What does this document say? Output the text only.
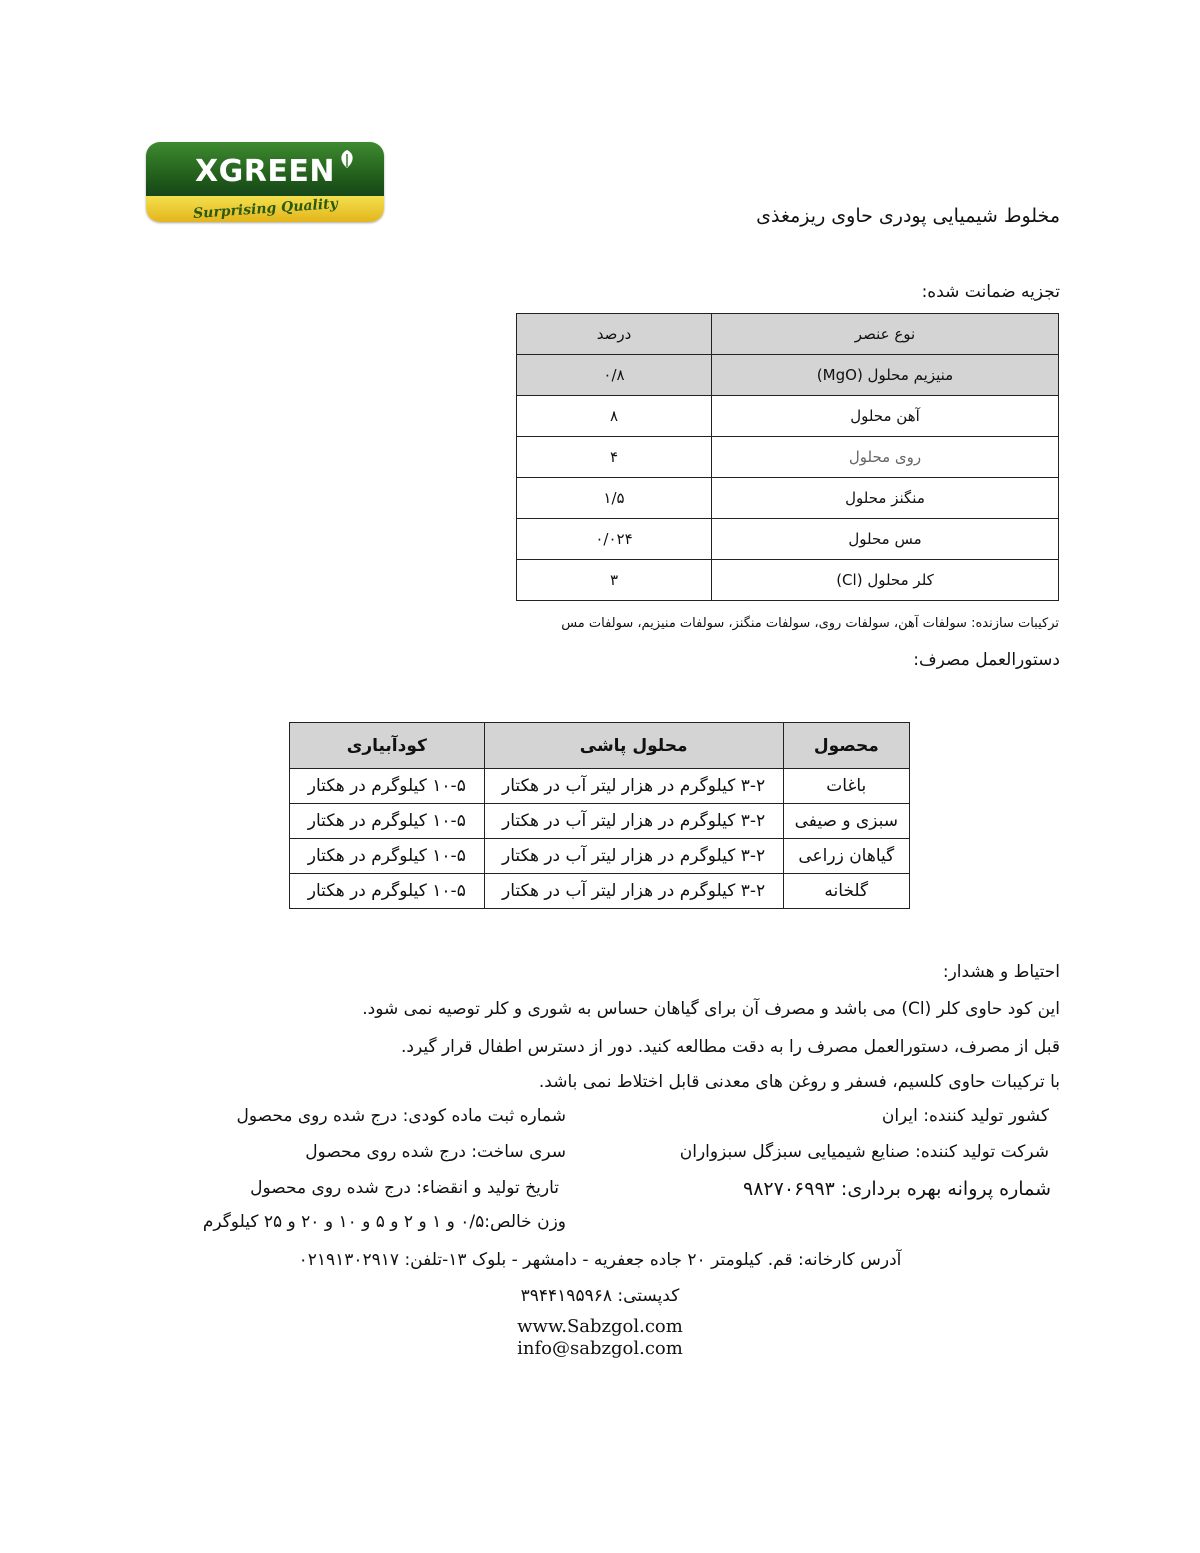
XGREEN
Surprising Quality	مخلوط شیمیایی پودری حاوی ریزمغذی
تجزیه ضمانت شده:
نوع عنصر	درصد
منیزیم محلول (MgO)	۰/۸
آهن محلول	۸
روی محلول	۴
منگنز محلول	۱/۵
مس محلول	۰/۰۲۴
کلر محلول (Cl)	۳
ترکیبات سازنده: سولفات آهن، سولفات روی، سولفات منگنز، سولفات منیزیم، سولفات مس
دستورالعمل مصرف:
محصول	محلول پاشی	کودآبیاری
باغات	۳-۲ کیلوگرم در هزار لیتر آب در هکتار	۱۰-۵ کیلوگرم در هکتار
سبزی و صیفی	۳-۲ کیلوگرم در هزار لیتر آب در هکتار	۱۰-۵ کیلوگرم در هکتار
گیاهان زراعی	۳-۲ کیلوگرم در هزار لیتر آب در هکتار	۱۰-۵ کیلوگرم در هکتار
گلخانه	۳-۲ کیلوگرم در هزار لیتر آب در هکتار	۱۰-۵ کیلوگرم در هکتار
احتیاط و هشدار:
این کود حاوی کلر (Cl) می باشد و مصرف آن برای گیاهان حساس به شوری و کلر توصیه نمی شود.
قبل از مصرف، دستورالعمل مصرف را به دقت مطالعه کنید. دور از دسترس اطفال قرار گیرد.
با ترکیبات حاوی کلسیم، فسفر و روغن های معدنی قابل اختلاط نمی باشد.
کشور تولید کننده: ایران
شرکت تولید کننده: صنایع شیمیایی سبزگل سبزواران
شماره پروانه بهره برداری: ۹۸۲۷۰۶۹۹۳
شماره ثبت ماده کودی: درج شده روی محصول
سری ساخت: درج شده روی محصول
تاریخ تولید و انقضاء: درج شده روی محصول
وزن خالص:۰/۵ و ۱ و ۲ و ۵ و ۱۰ و ۲۰ و ۲۵ کیلوگرم
آدرس کارخانه: قم. کیلومتر ۲۰ جاده جعفریه - دامشهر - بلوک ۱۳-تلفن: ۰۲۱۹۱۳۰۲۹۱۷
کدپستی: ۳۹۴۴۱۹۵۹۶۸
www.Sabzgol.com
info@sabzgol.com
